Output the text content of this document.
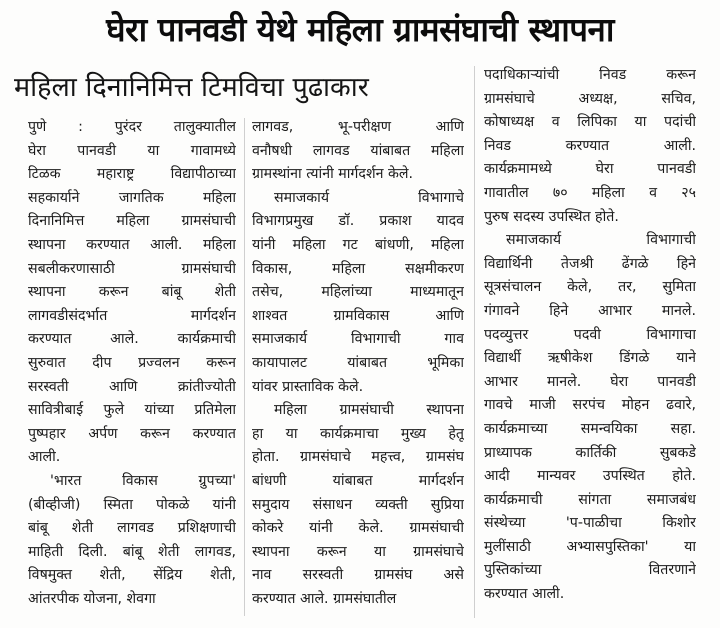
घेरा पानवडी येथे महिला ग्रामसंघाची स्थापना
महिला दिनानिमित्त टिमविचा पुढाकार
पुणे : पुरंदर तालुक्यातील
घेरा पानवडी या गावामध्ये
टिळक महाराष्ट्र विद्यापीठाच्या
सहकार्याने जागतिक महिला
दिनानिमित्त महिला ग्रामसंघाची
स्थापना करण्यात आली. महिला
सबलीकरणासाठी ग्रामसंघाची
स्थापना करून बांबू शेती
लागवडीसंदर्भात मार्गदर्शन
करण्यात आले. कार्यक्रमाची
सुरुवात दीप प्रज्वलन करून
सरस्वती आणि क्रांतीज्योती
सावित्रीबाई फुले यांच्या प्रतिमेला
पुष्पहार अर्पण करून करण्यात
आली.
'भारत विकास ग्रुपच्या'
(बीव्हीजी) स्मिता पोकळे यांनी
बांबू शेती लागवड प्रशिक्षणाची
माहिती दिली. बांबू शेती लागवड,
विषमुक्त शेती, सेंद्रिय शेती,
आंतरपीक योजना, शेवगा
लागवड, भू-परीक्षण आणि
वनौषधी लागवड यांबाबत महिला
ग्रामस्थांना त्यांनी मार्गदर्शन केले.
समाजकार्य विभागाचे
विभागप्रमुख डॉ. प्रकाश यादव
यांनी महिला गट बांधणी, महिला
विकास, महिला सक्षमीकरण
तसेच, महिलांच्या माध्यमातून
शाश्वत ग्रामविकास आणि
समाजकार्य विभागाची गाव
कायापालट यांबाबत भूमिका
यांवर प्रास्ताविक केले.
महिला ग्रामसंघाची स्थापना
हा या कार्यक्रमाचा मुख्य हेतू
होता. ग्रामसंघाचे महत्त्व, ग्रामसंघ
बांधणी यांबाबत मार्गदर्शन
समुदाय संसाधन व्यक्ती सुप्रिया
कोकरे यांनी केले. ग्रामसंघाची
स्थापना करून या ग्रामसंघाचे
नाव सरस्वती ग्रामसंघ असे
करण्यात आले. ग्रामसंघातील
पदाधिकाऱ्यांची निवड करून
ग्रामसंघाचे अध्यक्ष, सचिव,
कोषाध्यक्ष व लिपिका या पदांची
निवड करण्यात आली.
कार्यक्रमामध्ये घेरा पानवडी
गावातील ७० महिला व २५
पुरुष सदस्य उपस्थित होते.
समाजकार्य विभागाची
विद्यार्थिनी तेजश्री ढेंगळे हिने
सूत्रसंचालन केले, तर, सुमिता
गंगावने हिने आभार मानले.
पदव्युत्तर पदवी विभागाचा
विद्यार्थी ऋषीकेश डिंगळे याने
आभार मानले. घेरा पानवडी
गावचे माजी सरपंच मोहन ढवारे,
कार्यक्रमाच्या समन्वयिका सहा.
प्राध्यापक कार्तिकी सुबकडे
आदी मान्यवर उपस्थित होते.
कार्यक्रमाची सांगता समाजबंध
संस्थेच्या 'प-पाळीचा किशोर
मुलींसाठी अभ्यासपुस्तिका' या
पुस्तिकांच्या वितरणाने
करण्यात आली.
